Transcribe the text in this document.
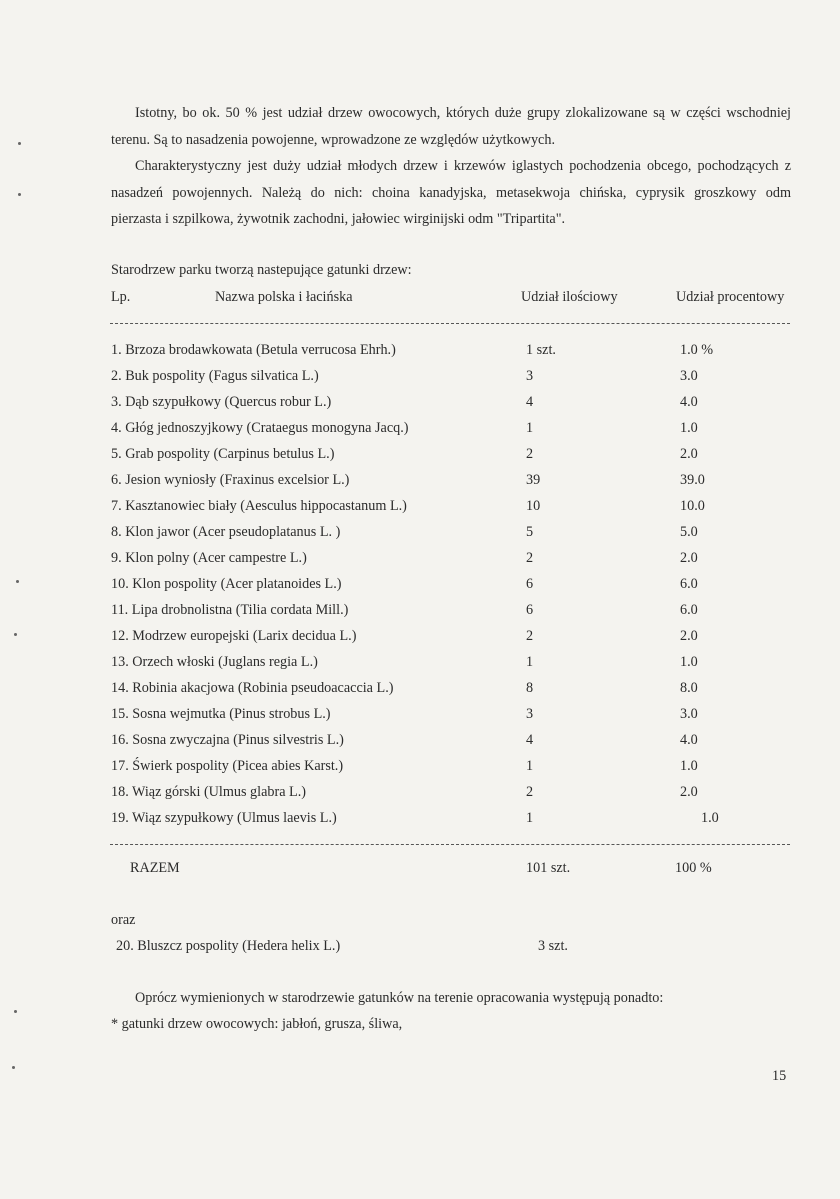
Istotny, bo ok. 50 % jest udział drzew owocowych, których duże grupy zlokalizowane są w części wschodniej

terenu. Są to nasadzenia powojenne, wprowadzone ze względów użytkowych.

Charakterystyczny jest duży udział młodych drzew i krzewów iglastych pochodzenia obcego, pochodzących z

nasadzeń powojennych. Należą do nich: choina kanadyjska, metasekwoja chińska, cyprysik groszkowy odm

pierzasta i szpilkowa, żywotnik zachodni, jałowiec wirginijski odm "Tripartita".

Starodrzew parku tworzą nastepujące gatunki drzew:
Lp.	Nazwa polska i łacińska	Udział ilościowy	Udział procentowy
1. Brzoza brodawkowata (Betula verrucosa Ehrh.)	1 szt.	1.0 %
2. Buk pospolity (Fagus silvatica L.)	3	3.0
3. Dąb szypułkowy (Quercus robur L.)	4	4.0
4. Głóg jednoszyjkowy (Crataegus monogyna Jacq.)	1	1.0
5. Grab pospolity (Carpinus betulus L.)	2	2.0
6. Jesion wyniosły (Fraxinus excelsior L.)	39	39.0
7. Kasztanowiec biały (Aesculus hippocastanum L.)	10	10.0
8. Klon jawor (Acer pseudoplatanus L. )	5	5.0
9. Klon polny (Acer campestre L.)	2	2.0
10. Klon pospolity (Acer platanoides L.)	6	6.0
11. Lipa drobnolistna (Tilia cordata Mill.)	6	6.0
12. Modrzew europejski (Larix decidua L.)	2	2.0
13. Orzech włoski (Juglans regia L.)	1	1.0
14. Robinia akacjowa (Robinia pseudoacaccia L.)	8	8.0
15. Sosna wejmutka (Pinus strobus L.)	3	3.0
16. Sosna zwyczajna (Pinus silvestris L.)	4	4.0
17. Świerk pospolity (Picea abies Karst.)	1	1.0
18. Wiąz górski (Ulmus glabra L.)	2	2.0
19. Wiąz szypułkowy (Ulmus laevis L.)	1	1.0
RAZEM	101 szt.	100 %
oraz
20. Bluszcz pospolity (Hedera helix L.)	3 szt.
Oprócz wymienionych w starodrzewie gatunków na terenie opracowania występują ponadto:
* gatunki drzew owocowych: jabłoń, grusza, śliwa,
15
